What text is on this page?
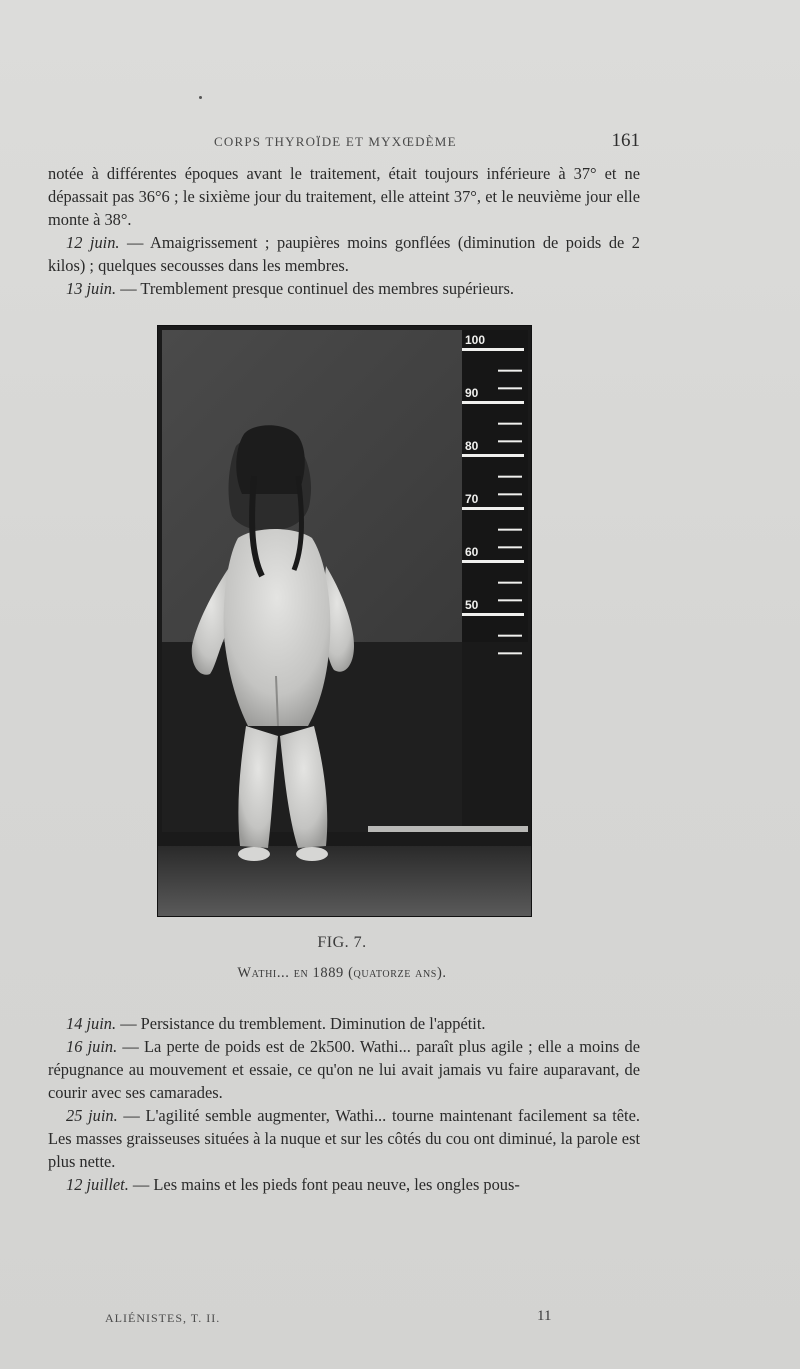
CORPS THYROÏDE ET MYXŒDÈME	161

notée à différentes époques avant le traitement, était toujours inférieure à 37° et ne dépassait pas 36°6 ; le sixième jour du traitement, elle atteint 37°, et le neuvième jour elle monte à 38°.

12 juin. — Amaigrissement ; paupières moins gonflées (diminution de poids de 2 kilos) ; quelques secousses dans les membres.

13 juin. — Tremblement presque continuel des membres supérieurs.

100
90
80
70
60
50
FIG. 7.
Wathi... en 1889 (quatorze ans).

14 juin. — Persistance du tremblement. Diminution de l'appétit.

16 juin. — La perte de poids est de 2k500. Wathi... paraît plus agile ; elle a moins de répugnance au mouvement et essaie, ce qu'on ne lui avait jamais vu faire auparavant, de courir avec ses camarades.

25 juin. — L'agilité semble augmenter, Wathi... tourne maintenant facilement sa tête. Les masses graisseuses situées à la nuque et sur les côtés du cou ont diminué, la parole est plus nette.

12 juillet. — Les mains et les pieds font peau neuve, les ongles pous-

ALIÉNISTES, T. II.	11
